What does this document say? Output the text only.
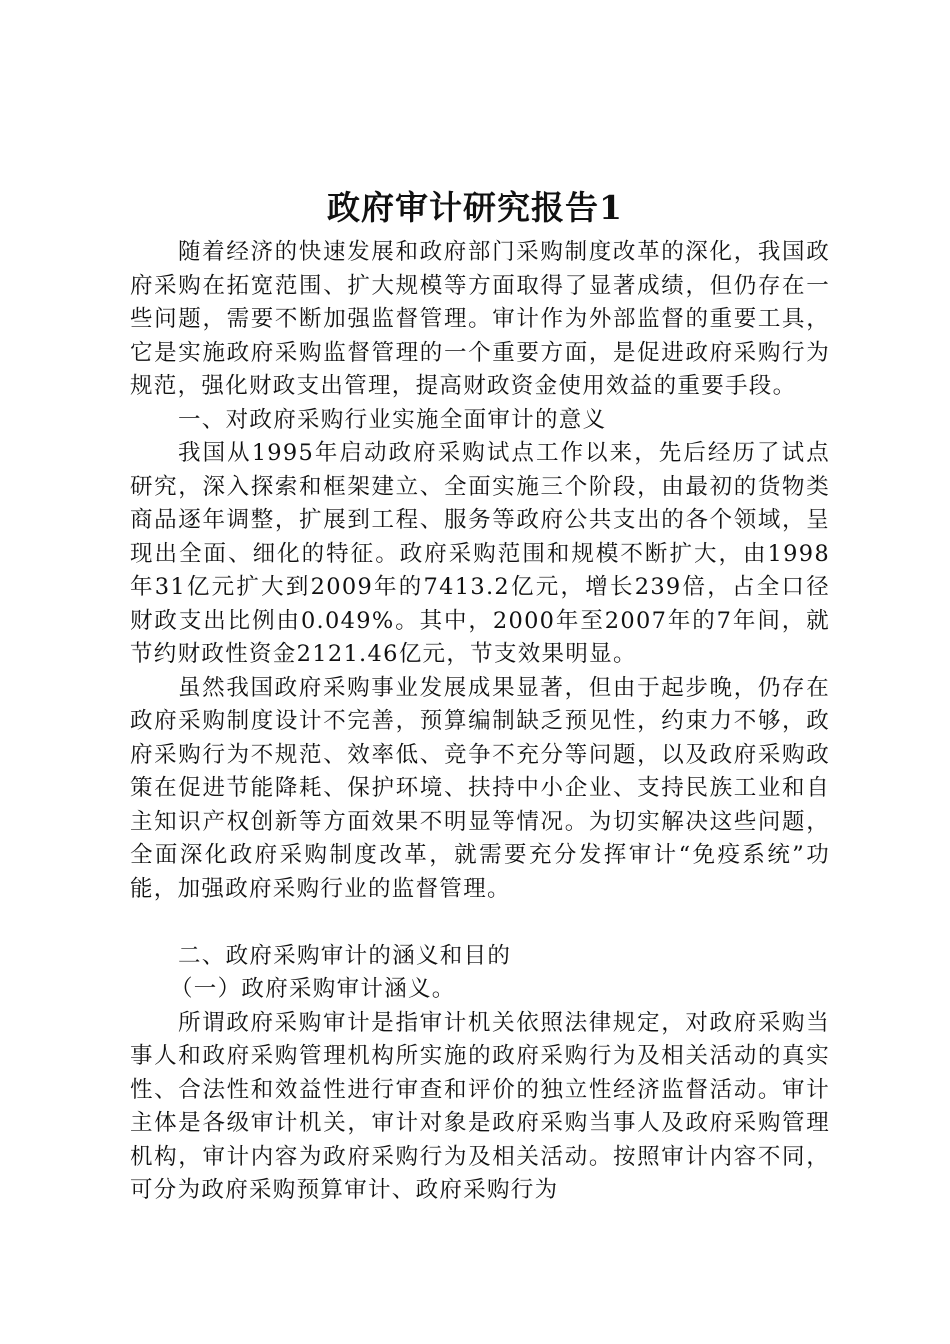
政府审计研究报告1

随着经济的快速发展和政府部门采购制度改革的深化，我国政府采购在拓宽范围、扩大规模等方面取得了显著成绩，但仍存在一些问题，需要不断加强监督管理。审计作为外部监督的重要工具，它是实施政府采购监督管理的一个重要方面，是促进政府采购行为规范，强化财政支出管理，提高财政资金使用效益的重要手段。

一、对政府采购行业实施全面审计的意义

我国从1995年启动政府采购试点工作以来，先后经历了试点研究，深入探索和框架建立、全面实施三个阶段，由最初的货物类商品逐年调整，扩展到工程、服务等政府公共支出的各个领域，呈现出全面、细化的特征。政府采购范围和规模不断扩大，由1998年31亿元扩大到2009年的7413.2亿元，增长239倍，占全口径财政支出比例由0.049%。其中，2000年至2007年的7年间，就节约财政性资金2121.46亿元，节支效果明显。

虽然我国政府采购事业发展成果显著，但由于起步晚，仍存在政府采购制度设计不完善，预算编制缺乏预见性，约束力不够，政府采购行为不规范、效率低、竞争不充分等问题，以及政府采购政策在促进节能降耗、保护环境、扶持中小企业、支持民族工业和自主知识产权创新等方面效果不明显等情况。为切实解决这些问题，全面深化政府采购制度改革，就需要充分发挥审计“免疫系统”功能，加强政府采购行业的监督管理。

二、政府采购审计的涵义和目的

（一）政府采购审计涵义。

所谓政府采购审计是指审计机关依照法律规定，对政府采购当事人和政府采购管理机构所实施的政府采购行为及相关活动的真实性、合法性和效益性进行审查和评价的独立性经济监督活动。审计主体是各级审计机关，审计对象是政府采购当事人及政府采购管理机构，审计内容为政府采购行为及相关活动。按照审计内容不同，可分为政府采购预算审计、政府采购行为
